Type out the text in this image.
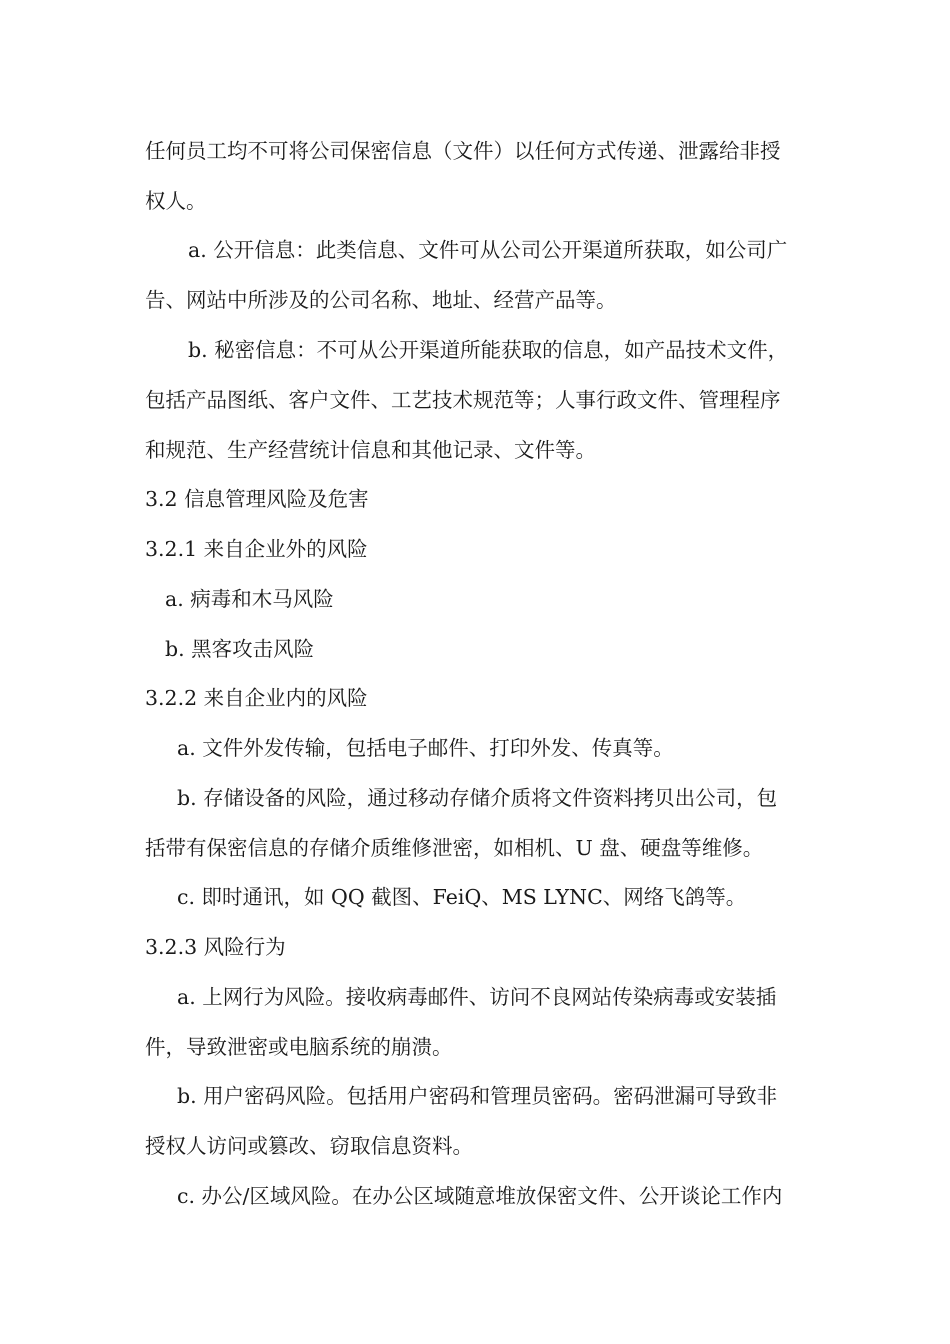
任何员工均不可将公司保密信息（文件）以任何方式传递、泄露给非授
权人。
a. 公开信息：此类信息、文件可从公司公开渠道所获取，如公司广
告、网站中所涉及的公司名称、地址、经营产品等。
b. 秘密信息：不可从公开渠道所能获取的信息，如产品技术文件，
包括产品图纸、客户文件、工艺技术规范等；人事行政文件、管理程序
和规范、生产经营统计信息和其他记录、文件等。
3.2 信息管理风险及危害
3.2.1 来自企业外的风险
a. 病毒和木马风险
b. 黑客攻击风险
3.2.2 来自企业内的风险
a. 文件外发传输，包括电子邮件、打印外发、传真等。
b. 存储设备的风险，通过移动存储介质将文件资料拷贝出公司，包
括带有保密信息的存储介质维修泄密，如相机、U 盘、硬盘等维修。
c. 即时通讯，如 QQ 截图、FeiQ、MS LYNC、网络飞鸽等。
3.2.3 风险行为
a. 上网行为风险。接收病毒邮件、访问不良网站传染病毒或安装插
件，导致泄密或电脑系统的崩溃。
b. 用户密码风险。包括用户密码和管理员密码。密码泄漏可导致非
授权人访问或篡改、窃取信息资料。
c. 办公/区域风险。在办公区域随意堆放保密文件、公开谈论工作内
